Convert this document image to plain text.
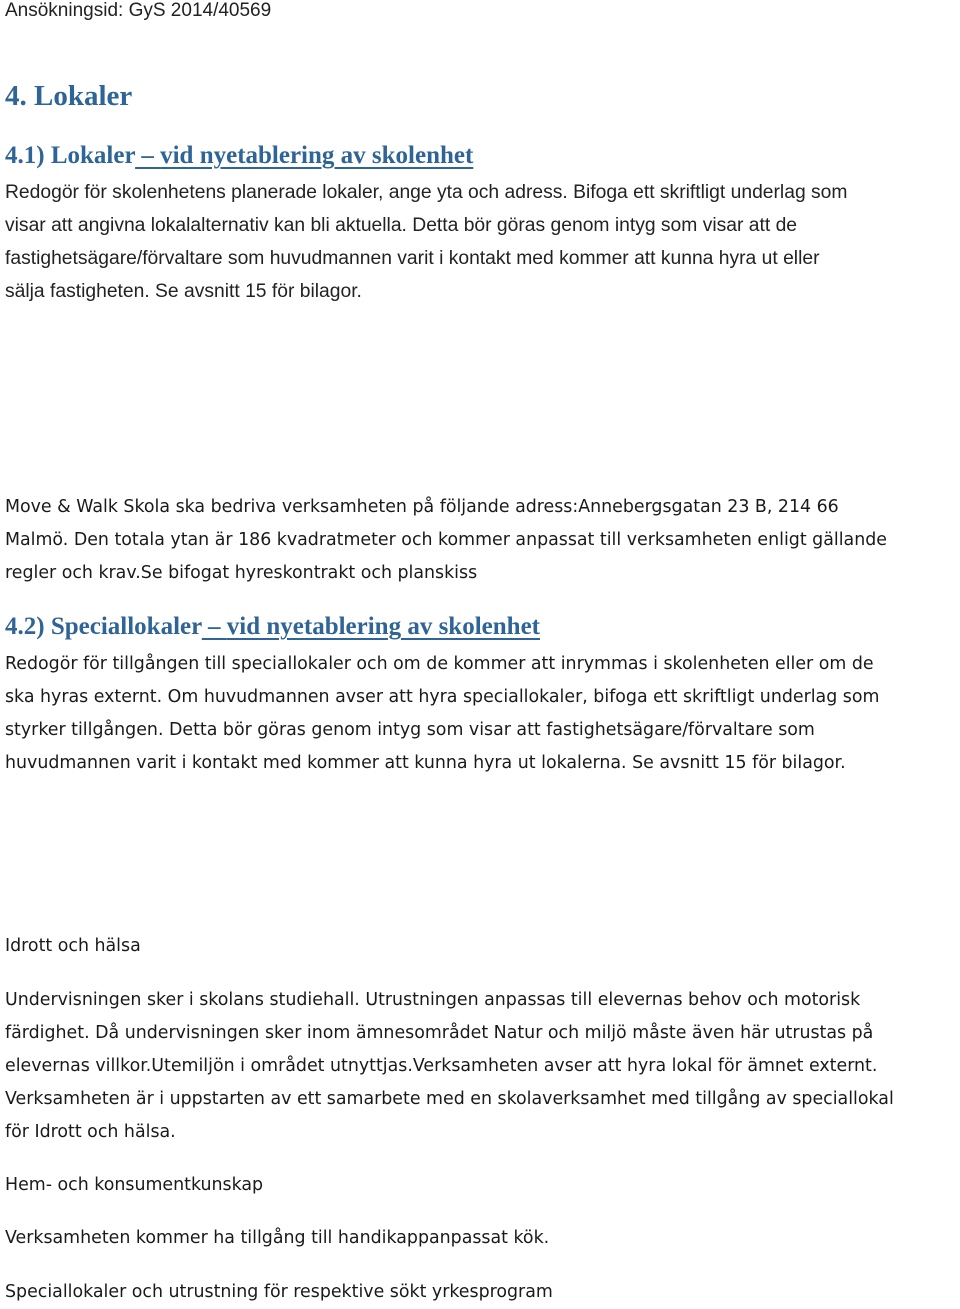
Ansökningsid: GyS 2014/40569
4. Lokaler
4.1) Lokaler – vid nyetablering av skolenhet
Redogör för skolenhetens planerade lokaler, ange yta och adress. Bifoga ett skriftligt underlag som
visar att angivna lokalalternativ kan bli aktuella. Detta bör göras genom intyg som visar att de
fastighetsägare/förvaltare som huvudmannen varit i kontakt med kommer att kunna hyra ut eller
sälja fastigheten. Se avsnitt 15 för bilagor.
Move & Walk Skola ska bedriva verksamheten på följande adress:Annebergsgatan 23 B, 214 66
Malmö. Den totala ytan är 186 kvadratmeter och kommer anpassat till verksamheten enligt gällande
regler och krav.Se bifogat hyreskontrakt och planskiss
4.2) Speciallokaler – vid nyetablering av skolenhet
Redogör för tillgången till speciallokaler och om de kommer att inrymmas i skolenheten eller om de
ska hyras externt. Om huvudmannen avser att hyra speciallokaler, bifoga ett skriftligt underlag som
styrker tillgången. Detta bör göras genom intyg som visar att fastighetsägare/förvaltare som
huvudmannen varit i kontakt med kommer att kunna hyra ut lokalerna. Se avsnitt 15 för bilagor.
Idrott och hälsa
Undervisningen sker i skolans studiehall. Utrustningen anpassas till elevernas behov och motorisk
färdighet. Då undervisningen sker inom ämnesområdet Natur och miljö måste även här utrustas på
elevernas villkor.Utemiljön i området utnyttjas.Verksamheten avser att hyra lokal för ämnet externt.
Verksamheten är i uppstarten av ett samarbete med en skolaverksamhet med tillgång av speciallokal
för Idrott och hälsa.
Hem- och konsumentkunskap
Verksamheten kommer ha tillgång till handikappanpassat kök.
Speciallokaler och utrustning för respektive sökt yrkesprogram
